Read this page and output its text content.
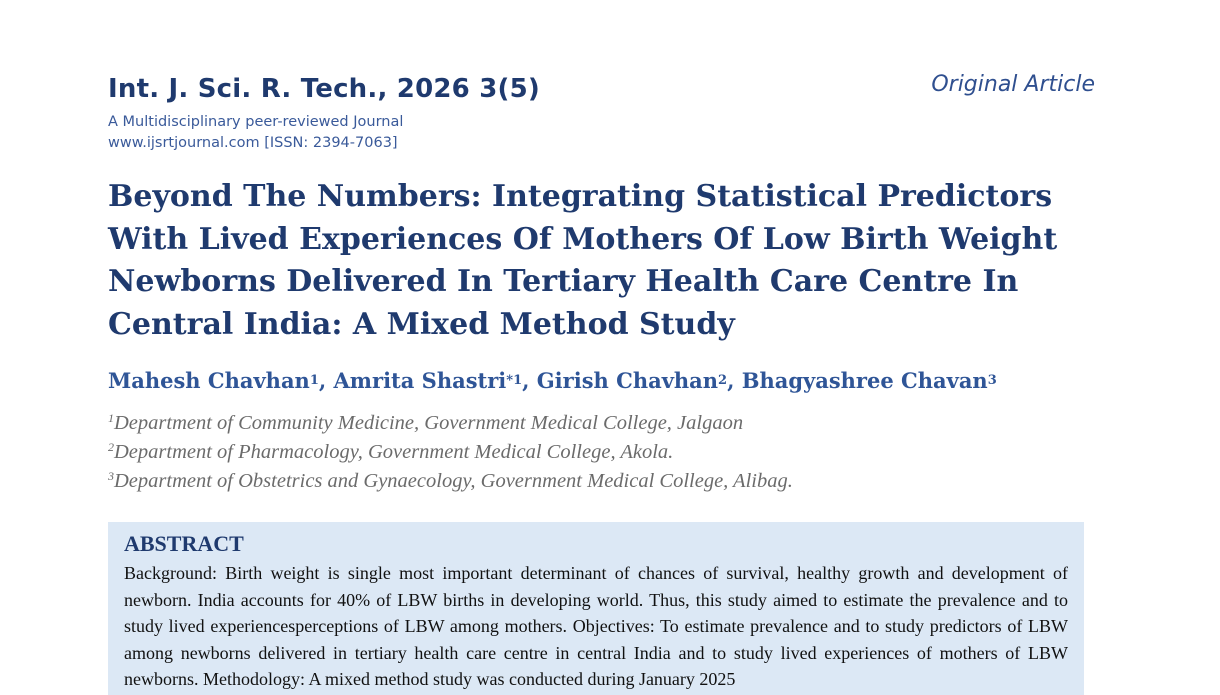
Int. J. Sci. R. Tech., 2026 3(5)	Original Article
A Multidisciplinary peer-reviewed Journal
www.ijsrtjournal.com [ISSN: 2394-7063]
Beyond The Numbers: Integrating Statistical Predictors With Lived Experiences Of Mothers Of Low Birth Weight Newborns Delivered In Tertiary Health Care Centre In Central India: A Mixed Method Study
Mahesh Chavhan$^1$, Amrita Shastri$^{*1}$, Girish Chavhan$^2$, Bhagyashree Chavan$^3$
$^1$Department of Community Medicine, Government Medical College, Jalgaon
$^2$Department of Pharmacology, Government Medical College, Akola.
$^3$Department of Obstetrics and Gynaecology, Government Medical College, Alibag.
ABSTRACT

Background: Birth weight is single most important determinant of chances of survival, healthy growth and development of newborn. India accounts for 40% of LBW births in developing world. Thus, this study aimed to estimate the prevalence and to study lived experiencesperceptions of LBW among mothers. Objectives: To estimate prevalence and to study predictors of LBW among newborns delivered in tertiary health care centre in central India and to study lived experiences of mothers of LBW newborns. Methodology: A mixed method study was conducted during January 2025
